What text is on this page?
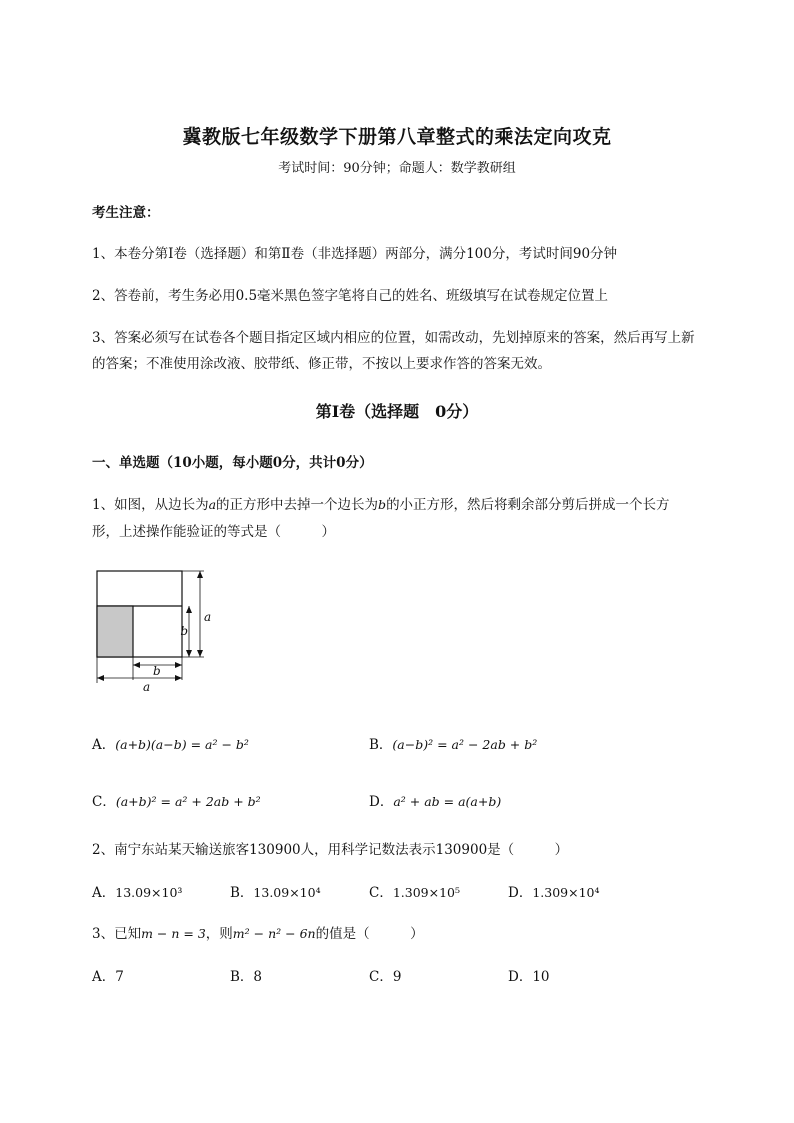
冀教版七年级数学下册第八章整式的乘法定向攻克
考试时间：90分钟；命题人：数学教研组
考生注意：
1、本卷分第Ⅰ卷（选择题）和第Ⅱ卷（非选择题）两部分，满分100分，考试时间90分钟
2、答卷前，考生务必用0.5毫米黑色签字笔将自己的姓名、班级填写在试卷规定位置上
3、答案必须写在试卷各个题目指定区域内相应的位置，如需改动，先划掉原来的答案，然后再写上新
的答案；不准使用涂改液、胶带纸、修正带，不按以上要求作答的答案无效。
第Ⅰ卷（选择题　0分）
一、单选题（10小题，每小题0分，共计0分）
1、如图，从边长为a的正方形中去掉一个边长为b的小正方形，然后将剩余部分剪后拼成一个长方
形，上述操作能验证的等式是（　　　）
a
b
b
a
A．(a+b)(a−b) = a² − b²	B．(a−b)² = a² − 2ab + b²
C．(a+b)² = a² + 2ab + b²	D．a² + ab = a(a+b)
2、南宁东站某天输送旅客130900人，用科学记数法表示130900是（　　　）
A．13.09×10³	B．13.09×10⁴	C．1.309×10⁵	D．1.309×10⁴
3、已知m − n = 3，则m² − n² − 6n的值是（　　　）
A．7	B．8	C．9	D．10
